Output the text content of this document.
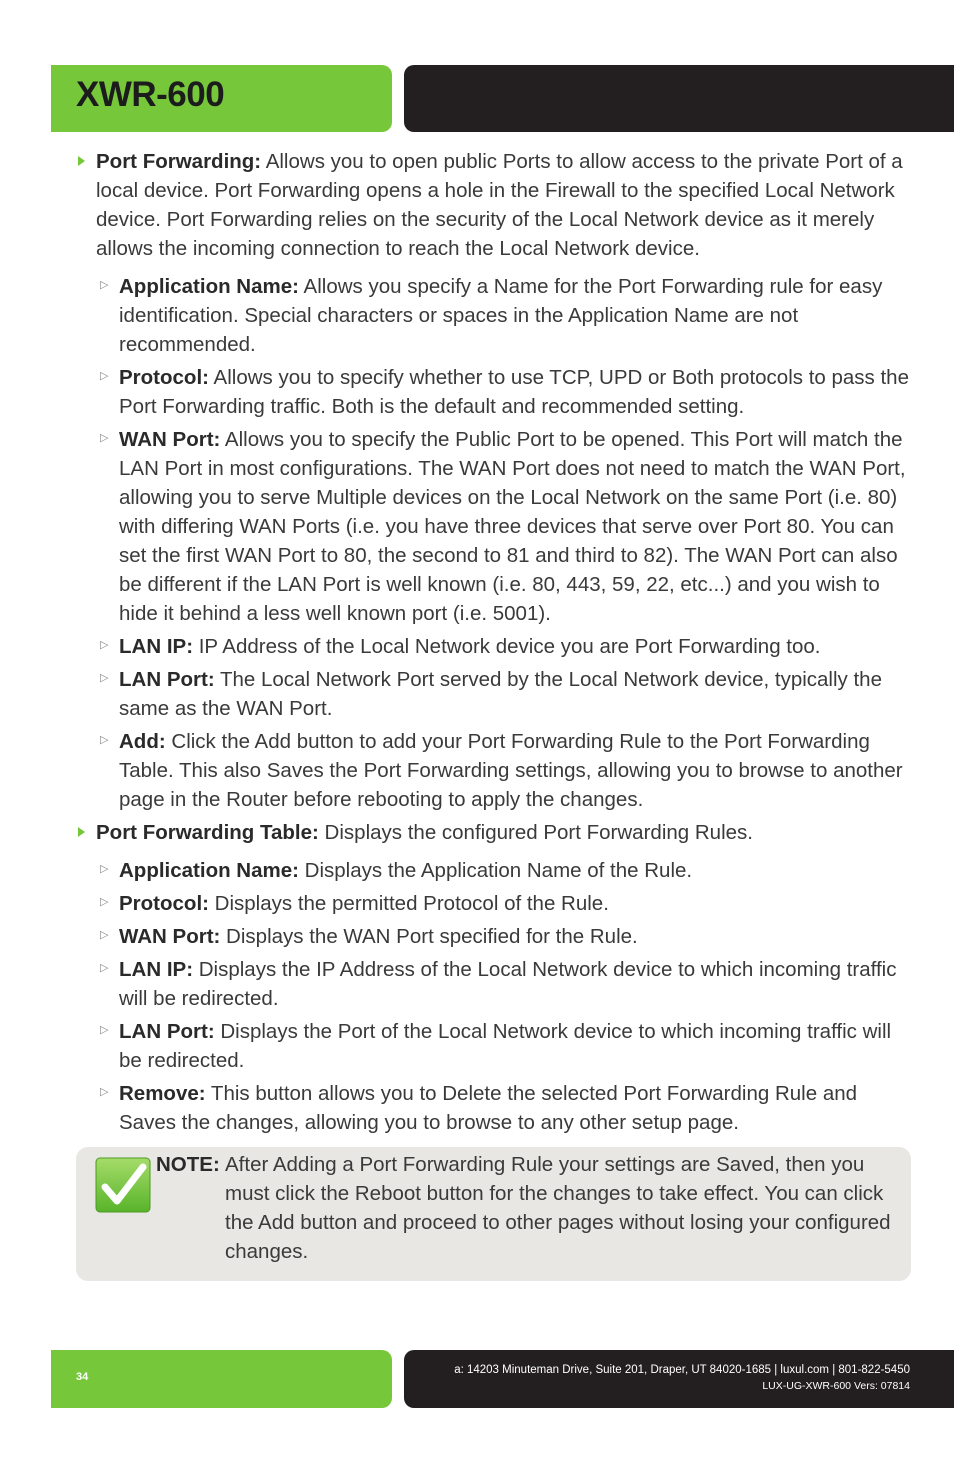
XWR-600

Port Forwarding: Allows you to open public Ports to allow access to the private Port of a local device. Port Forwarding opens a hole in the Firewall to the specified Local Network device. Port Forwarding relies on the security of the Local Network device as it merely allows the incoming connection to reach the Local Network device.

▷ Application Name: Allows you specify a Name for the Port Forwarding rule for easy identification. Special characters or spaces in the Application Name are not recommended.

▷ Protocol: Allows you to specify whether to use TCP, UPD or Both protocols to pass the Port Forwarding traffic. Both is the default and recommended setting.

▷ WAN Port: Allows you to specify the Public Port to be opened. This Port will match the LAN Port in most configurations. The WAN Port does not need to match the WAN Port, allowing you to serve Multiple devices on the Local Network on the same Port (i.e. 80) with differing WAN Ports (i.e. you have three devices that serve over Port 80. You can set the first WAN Port to 80, the second to 81 and third to 82). The WAN Port can also be different if the LAN Port is well known (i.e. 80, 443, 59, 22, etc...) and you wish to hide it behind a less well known port (i.e. 5001).

▷ LAN IP: IP Address of the Local Network device you are Port Forwarding too.

▷ LAN Port: The Local Network Port served by the Local Network device, typically the same as the WAN Port.

▷ Add: Click the Add button to add your Port Forwarding Rule to the Port Forwarding Table. This also Saves the Port Forwarding settings, allowing you to browse to another page in the Router before rebooting to apply the changes.

Port Forwarding Table: Displays the configured Port Forwarding Rules.

▷ Application Name: Displays the Application Name of the Rule.

▷ Protocol: Displays the permitted Protocol of the Rule.

▷ WAN Port: Displays the WAN Port specified for the Rule.

▷ LAN IP: Displays the IP Address of the Local Network device to which incoming traffic will be redirected.

▷ LAN Port: Displays the Port of the Local Network device to which incoming traffic will be redirected.

▷ Remove: This button allows you to Delete the selected Port Forwarding Rule and Saves the changes, allowing you to browse to any other setup page.

NOTE: After Adding a Port Forwarding Rule your settings are Saved, then you must click the Reboot button for the changes to take effect. You can click the Add button and proceed to other pages without losing your configured changes.
34
a: 14203 Minuteman Drive, Suite 201, Draper, UT 84020-1685 | luxul.com | 801-822-5450
LUX-UG-XWR-600 Vers: 07814
